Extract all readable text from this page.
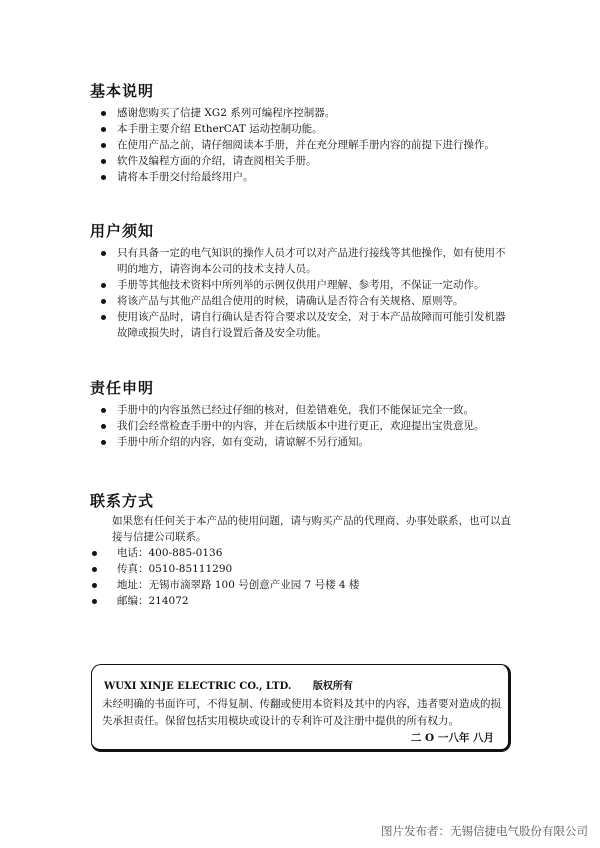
基本说明
感谢您购买了信捷 XG2 系列可编程序控制器。
本手册主要介绍 EtherCAT 运动控制功能。
在使用产品之前，请仔细阅读本手册，并在充分理解手册内容的前提下进行操作。
软件及编程方面的介绍，请查阅相关手册。
请将本手册交付给最终用户。
用户须知
只有具备一定的电气知识的操作人员才可以对产品进行接线等其他操作，如有使用不明的地方，请咨询本公司的技术支持人员。
手册等其他技术资料中所列举的示例仅供用户理解、参考用，不保证一定动作。
将该产品与其他产品组合使用的时候，请确认是否符合有关规格、原则等。
使用该产品时，请自行确认是否符合要求以及安全，对于本产品故障而可能引发机器故障或损失时，请自行设置后备及安全功能。
责任申明
手册中的内容虽然已经过仔细的核对，但差错难免，我们不能保证完全一致。
我们会经常检查手册中的内容，并在后续版本中进行更正，欢迎提出宝贵意见。
手册中所介绍的内容，如有变动，请谅解不另行通知。
联系方式
如果您有任何关于本产品的使用问题，请与购买产品的代理商、办事处联系，也可以直接与信捷公司联系。
电话：400-885-0136
传真：0510-85111290
地址：无锡市滴翠路 100 号创意产业园 7 号楼 4 楼
邮编：214072
WUXI XINJE ELECTRIC CO., LTD. 版权所有
未经明确的书面许可，不得复制、传翻或使用本资料及其中的内容，违者要对造成的损失承担责任。保留包括实用模块或设计的专利许可及注册中提供的所有权力。
二 O 一八年 八月
图片发布者：无锡信捷电气股份有限公司
